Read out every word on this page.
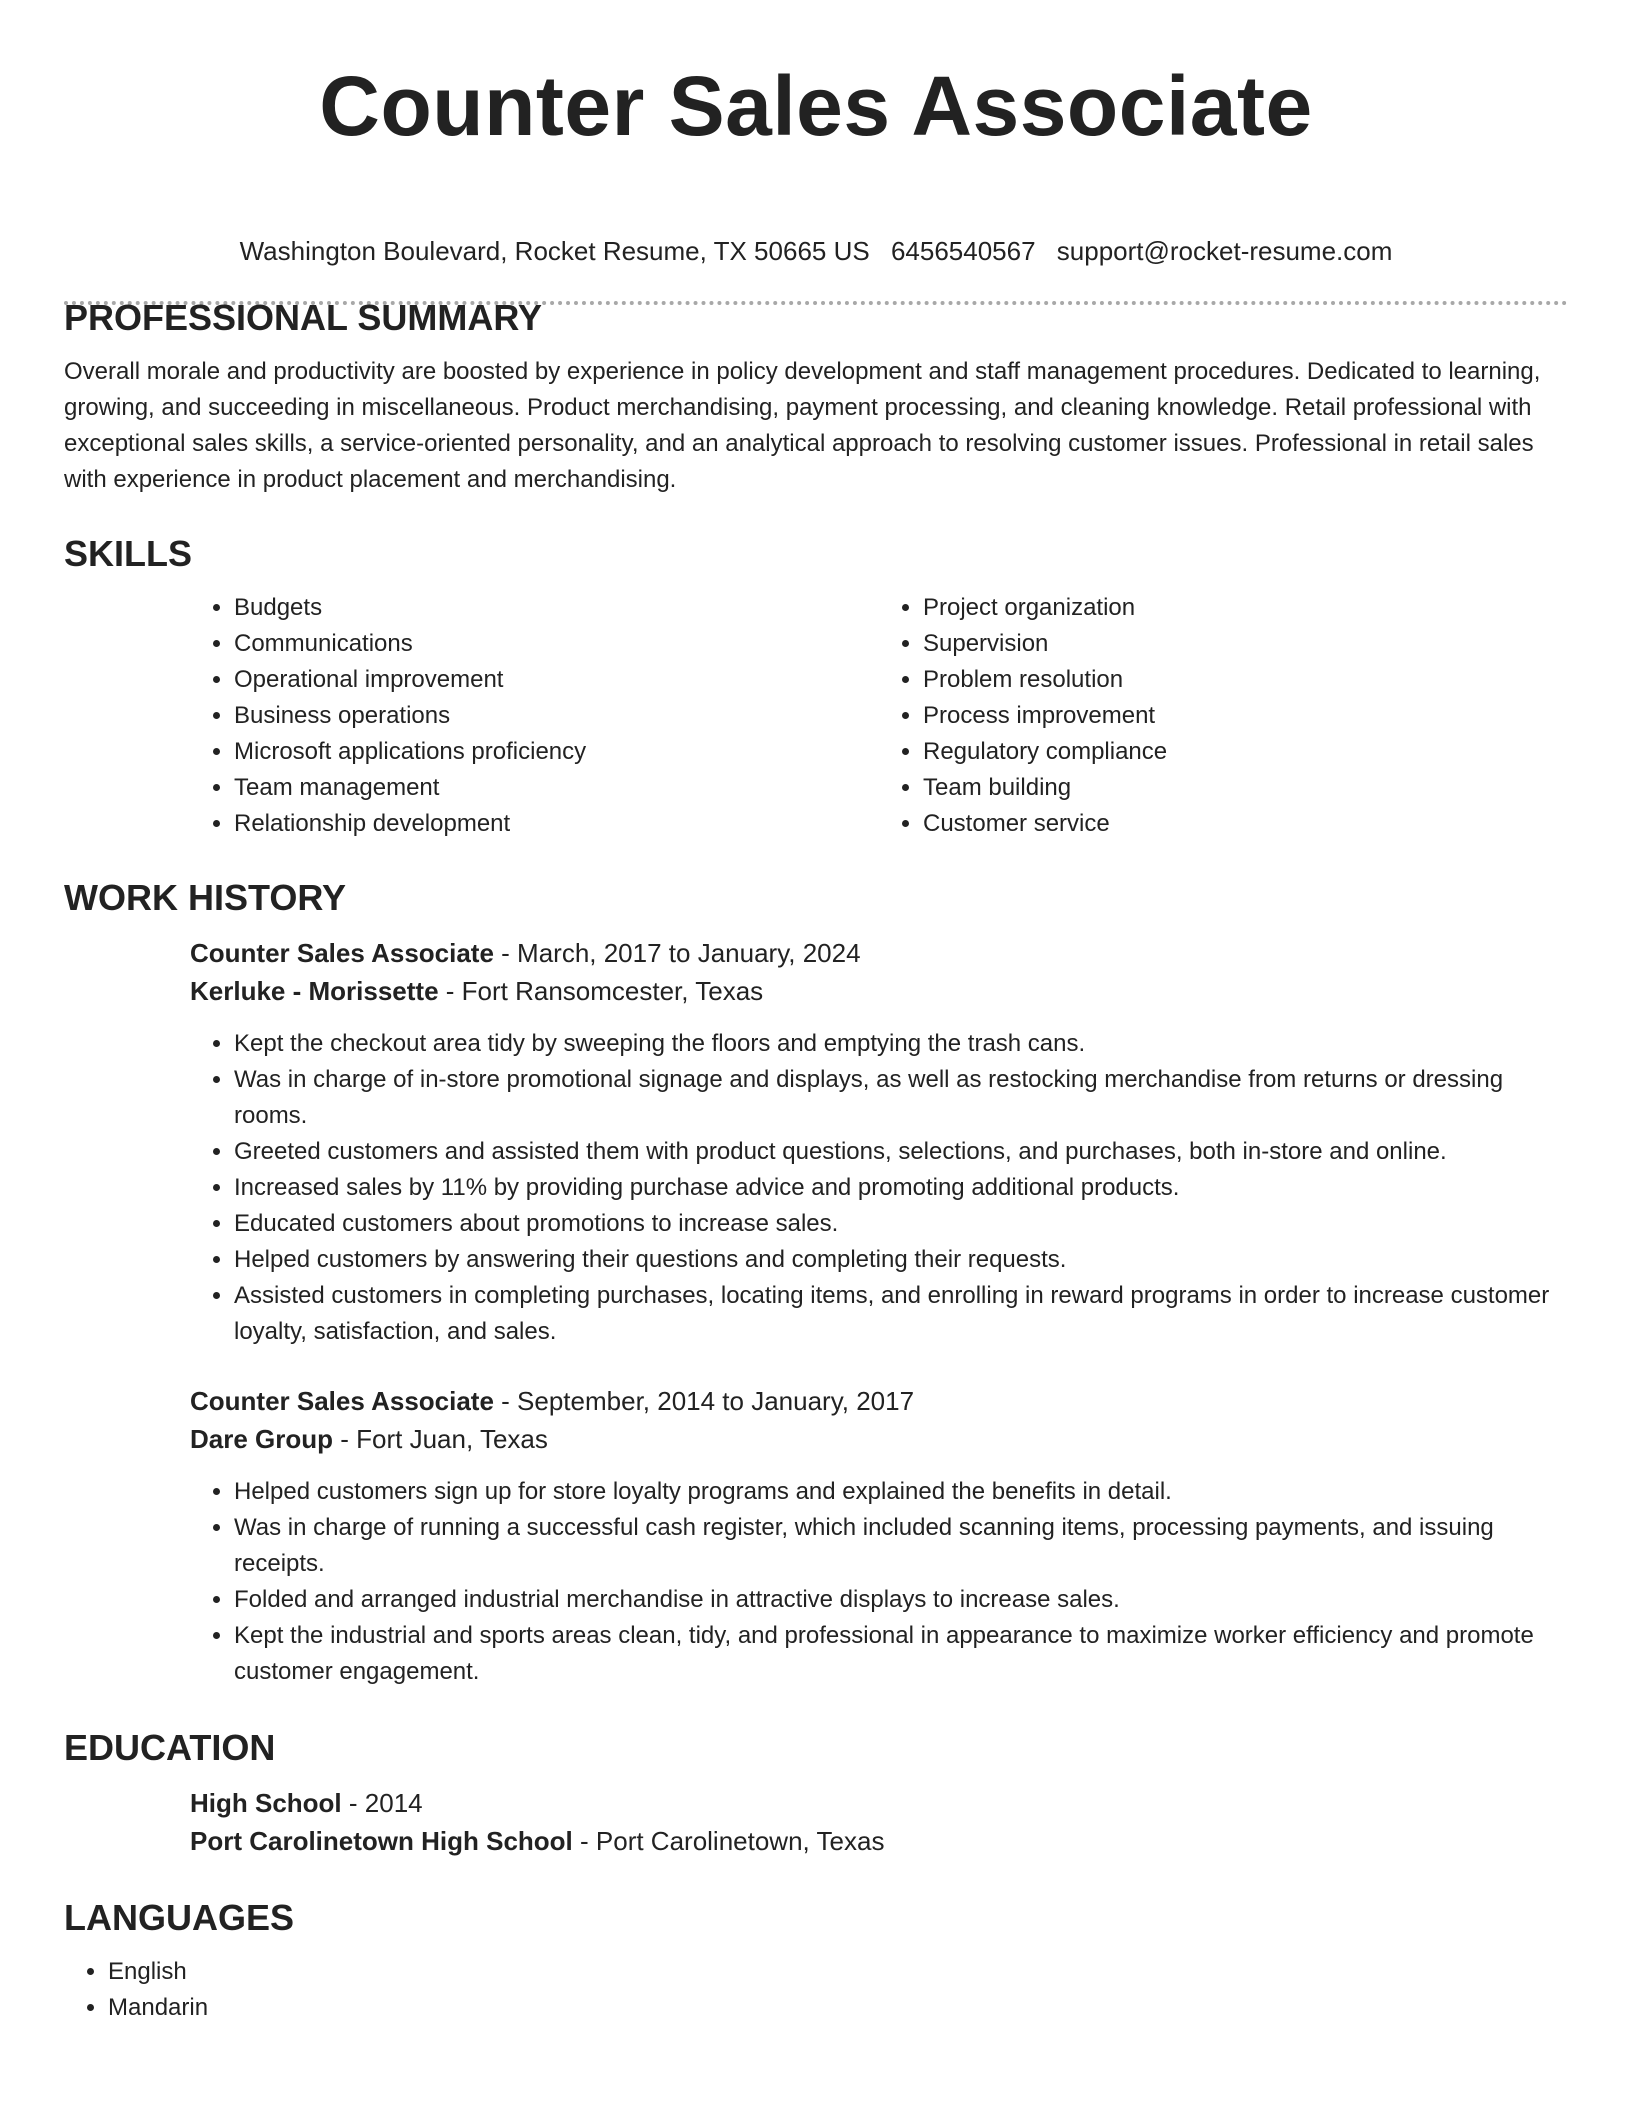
Counter Sales Associate
Washington Boulevard, Rocket Resume, TX 50665 US 6456540567 support@rocket-resume.com
PROFESSIONAL SUMMARY

Overall morale and productivity are boosted by experience in policy development and staff management procedures. Dedicated to learning, growing, and succeeding in miscellaneous. Product merchandising, payment processing, and cleaning knowledge. Retail professional with exceptional sales skills, a service-oriented personality, and an analytical approach to resolving customer issues. Professional in retail sales with experience in product placement and merchandising.

SKILLS
• Budgets
• Communications
• Operational improvement
• Business operations
• Microsoft applications proficiency
• Team management
• Relationship development
• Project organization
• Supervision
• Problem resolution
• Process improvement
• Regulatory compliance
• Team building
• Customer service
WORK HISTORY
Counter Sales Associate - March, 2017 to January, 2024
Kerluke - Morissette - Fort Ransomcester, Texas
• Kept the checkout area tidy by sweeping the floors and emptying the trash cans.
• Was in charge of in-store promotional signage and displays, as well as restocking merchandise from returns or dressing rooms.
• Greeted customers and assisted them with product questions, selections, and purchases, both in-store and online.
• Increased sales by 11% by providing purchase advice and promoting additional products.
• Educated customers about promotions to increase sales.
• Helped customers by answering their questions and completing their requests.
• Assisted customers in completing purchases, locating items, and enrolling in reward programs in order to increase customer loyalty, satisfaction, and sales.
Counter Sales Associate - September, 2014 to January, 2017
Dare Group - Fort Juan, Texas
• Helped customers sign up for store loyalty programs and explained the benefits in detail.
• Was in charge of running a successful cash register, which included scanning items, processing payments, and issuing receipts.
• Folded and arranged industrial merchandise in attractive displays to increase sales.
• Kept the industrial and sports areas clean, tidy, and professional in appearance to maximize worker efficiency and promote customer engagement.
EDUCATION
High School - 2014
Port Carolinetown High School - Port Carolinetown, Texas
LANGUAGES
• English
• Mandarin
